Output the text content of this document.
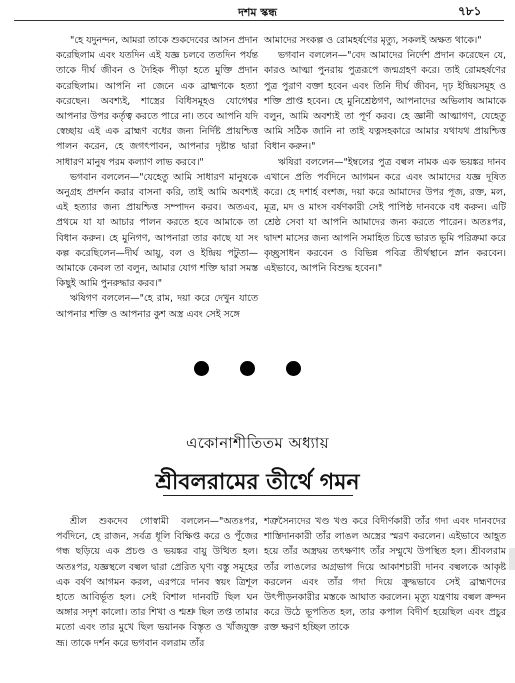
দশম স্কন্ধ	৭৮১

"হে যদুনন্দন, আমরা তাকে শুকদেবের আসন প্রদান করেছিলাম এবং যতদিন এই যজ্ঞ চলবে ততদিন পর্যন্ত তাকে দীর্ঘ জীবন ও দৈহিক পীড়া হতে মুক্তি প্রদান করেছিলাম। আপনি না জেনে এক ব্রাহ্মণকে হত্যা করেছেন। অবশ্যই, শাস্ত্রের বিধিসমূহও যোগেশ্বর আপনার উপর কর্তৃত্ব করতে পারে না। তবে আপনি যদি স্বেচ্ছায় এই এক ব্রাহ্মণ বধের জন্য নির্দিষ্ট প্রায়শ্চিত্ত পালন করেন, হে জগৎপাবন, আপনার দৃষ্টান্ত দ্বারা সাধারণ মানুষ পরম কল্যাণ লাভ করবে।"

ভগবান বললেন—"যেহেতু আমি সাধারণ মানুষকে অনুগ্রহ প্রদর্শন করার বাসনা করি, তাই আমি অবশ্যই এই হত্যার জন্য প্রায়শ্চিত্ত সম্পাদন করব। অতএব, প্রথমে যা যা আচার পালন করতে হবে আমাকে তা বিধান করুন। হে মুনিগণ, আপনারা তার কাছে যা সং কল্প করেছিলেন—দীর্ঘ আয়ু, বল ও ইন্দ্রিয় পটুতা—আমাকে কেবল তা বলুন, আমার যোগ শক্তি দ্বারা সমস্ত কিছুই আমি পুনরুদ্ধার করব।"

ঋষিগণ বললেন—"হে রাম, দয়া করে দেখুন যাতে আপনার শক্তি ও আপনার কুশ অস্ত্র এবং সেই সঙ্গে

আমাদের সংকল্প ও রোমহর্ষণের মৃত্যু, সকলই অক্ষত থাকে।"

ভগবান বললেন—"বেদ আমাদের নির্দেশ প্রদান করেছেন যে, কারও আত্মা পুনরায় পুত্ররূপে জন্মগ্রহণ করে। তাই রোমহর্ষণের পুত্র পুরাণ বক্তা হবেন এবং তিনি দীর্ঘ জীবন, দৃঢ় ইন্দ্রিয়সমূহ ও শক্তি প্রাপ্ত হবেন। হে মুনিশ্রেষ্ঠগণ, আপনাদের অভিলাষ আমাকে বলুন, আমি অবশ্যই তা পূর্ণ করব। হে জ্ঞানী আত্মাগণ, যেহেতু আমি সঠিক জানি না তাই যত্নসহকারে আমার যথাযথ প্রায়শ্চিত্ত বিধান করুন।"

ঋষিরা বললেন—"ইম্বলের পুত্র বল্বল নামক এক ভয়ঙ্কর দানব এখানে প্রতি পর্বদিনে আগমন করে এবং আমাদের যজ্ঞ দূষিত করে। হে দশার্হ বংশজ, দয়া করে আমাদের উপর পূজ, রক্ত, মল, মূত্র, মদ ও মাংস বর্ষণকারী সেই পাপিষ্ঠ দানবকে বধ করুন। এটি শ্রেষ্ঠ সেবা যা আপনি আমাদের জন্য করতে পারেন। অতঃপর, দ্বাদশ মাসের জন্য আপনি সমাহিত চিত্তে ভারত ভূমি পরিক্রমা করে কৃচ্ছ্রসাধন করবেন ও বিভিন্ন পবিত্র তীর্থস্থানে স্নান করবেন। এইভাবে, আপনি বিশুদ্ধ হবেন।"

একোনাশীতিতম অধ্যায়
শ্রীবলরামের তীর্থে গমন

শ্রীল শুকদেব গোস্বামী বললেন—"অতঃপর, পর্বদিনে, হে রাজন, সর্বত্র ধূলি বিক্ষিপ্ত করে ও পূঁজের গন্ধ ছড়িয়ে এক প্রচণ্ড ও ভয়ঙ্কর বায়ু উত্থিত হল। অতঃপর, যজ্ঞস্থলে বল্বল দ্বারা প্রেরিত ঘৃণ্য বস্তু সমূহের এক বর্ষণ আগমন করল, এরপরে দানব স্বয়ং ত্রিশূল হাতে আবির্ভূত হল। সেই বিশাল দানবটি ছিল ঘন অঙ্গার সদৃশ কালো। তার শিখা ও শ্মশ্রু ছিল তপ্ত তামার মতো এবং তার মুখে ছিল ভয়ানক বিস্তৃত ও খাঁজযুক্ত ভ্রূ। তাকে দর্শন করে ভগবান বলরাম তাঁর

শত্রুসৈন্যদের খণ্ড খণ্ড করে বিদীর্ণকারী তাঁর গদা এবং দানবদের শাস্তিদানকারী তাঁর লাঙল অস্ত্রের স্মরণ করলেন। এইভাবে আহূত হয়ে তাঁর অস্ত্রদ্বয় তৎক্ষণাৎ তাঁর সম্মুখে উপস্থিত হল। শ্রীবলরাম তাঁর লাঙলের অগ্রভাগ দিয়ে আকাশচারী দানব বল্বলকে আকৃষ্ট করলেন এবং তাঁর গদা দিয়ে ক্রুদ্ধভাবে সেই ব্রাহ্মণদের উৎপীড়নকারীর মস্তকে আঘাত করলেন। মৃত্যু যন্ত্রণায় বল্বল ক্রন্দন করে উঠে ভূপতিত হল, তার কপাল বিদীর্ণ হয়েছিল এবং প্রচুর রক্ত ক্ষরণ হচ্ছিল তাকে
